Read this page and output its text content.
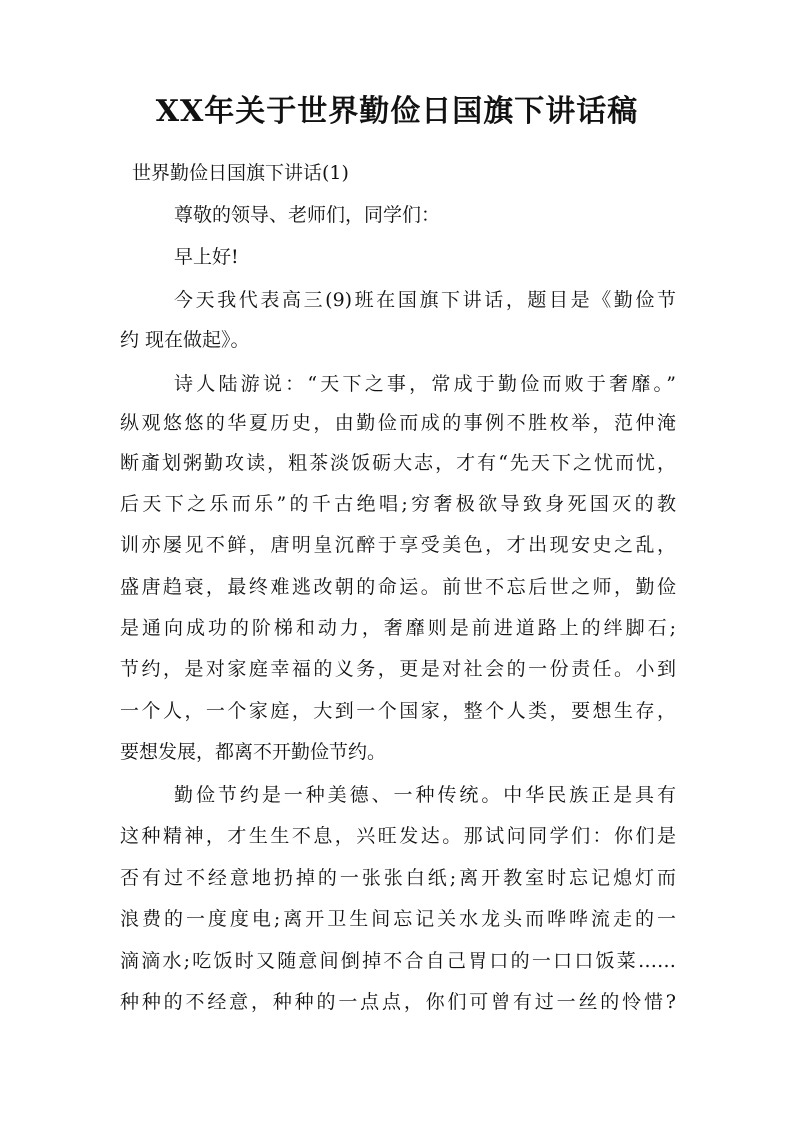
XX年关于世界勤俭日国旗下讲话稿
世界勤俭日国旗下讲话(1)
尊敬的领导、老师们，同学们：
早上好!
今天我代表高三(9)班在国旗下讲话，题目是《勤俭节
约 现在做起》。
诗人陆游说：“天下之事，常成于勤俭而败于奢靡。”
纵观悠悠的华夏历史，由勤俭而成的事例不胜枚举，范仲淹
断齑划粥勤攻读，粗茶淡饭砺大志，才有“先天下之忧而忧，
后天下之乐而乐”的千古绝唱;穷奢极欲导致身死国灭的教
训亦屡见不鲜，唐明皇沉醉于享受美色，才出现安史之乱，
盛唐趋衰，最终难逃改朝的命运。前世不忘后世之师，勤俭
是通向成功的阶梯和动力，奢靡则是前进道路上的绊脚石;
节约，是对家庭幸福的义务，更是对社会的一份责任。小到
一个人，一个家庭，大到一个国家，整个人类，要想生存，
要想发展，都离不开勤俭节约。
勤俭节约是一种美德、一种传统。中华民族正是具有
这种精神，才生生不息，兴旺发达。那试问同学们：你们是
否有过不经意地扔掉的一张张白纸;离开教室时忘记熄灯而
浪费的一度度电;离开卫生间忘记关水龙头而哗哗流走的一
滴滴水;吃饭时又随意间倒掉不合自己胃口的一口口饭菜……
种种的不经意，种种的一点点，你们可曾有过一丝的怜惜?
